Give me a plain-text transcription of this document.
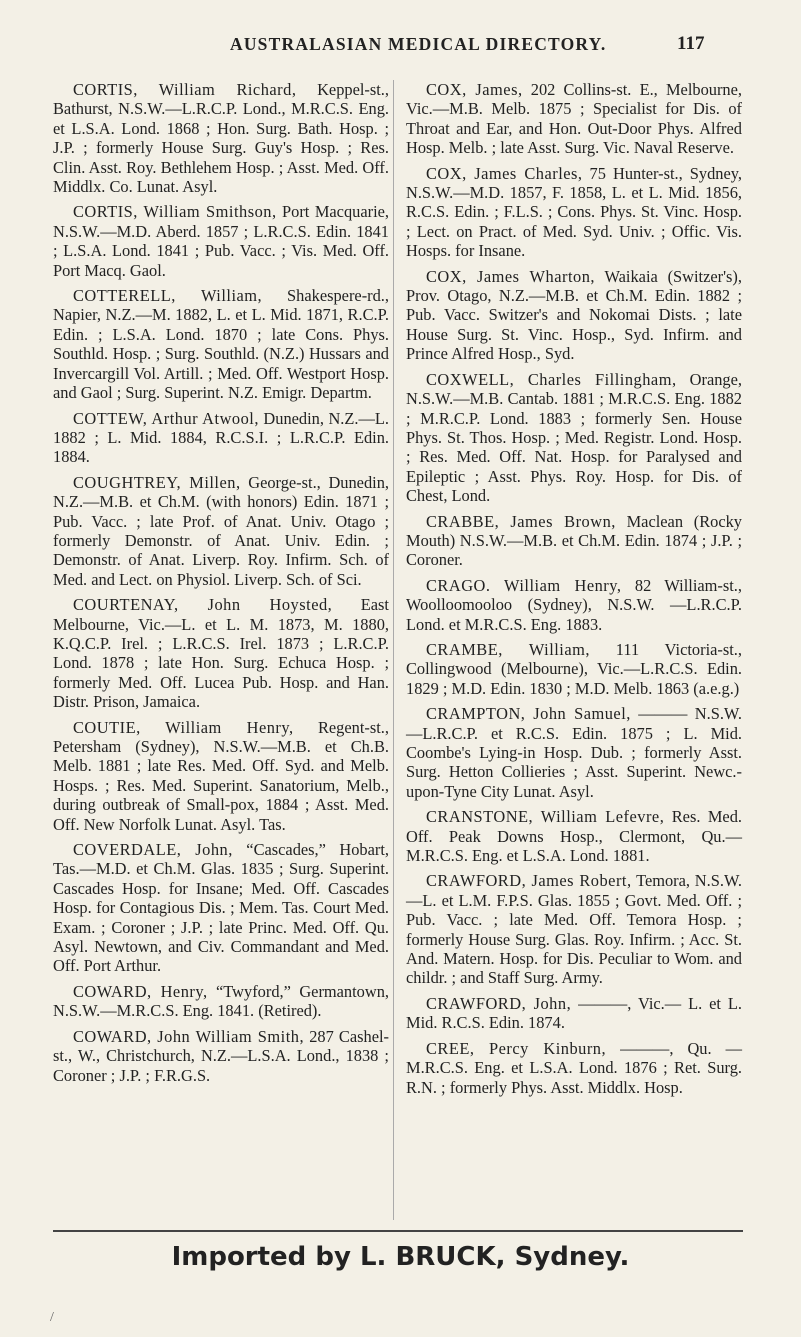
AUSTRALASIAN MEDICAL DIRECTORY.	117

CORTIS, William Richard, Keppel-st., Bathurst, N.S.W.—L.R.C.P. Lond., M.R.C.S. Eng. et L.S.A. Lond. 1868 ; Hon. Surg. Bath. Hosp. ; J.P. ; formerly House Surg. Guy's Hosp. ; Res. Clin. Asst. Roy. Bethlehem Hosp. ; Asst. Med. Off. Middlx. Co. Lunat. Asyl.

CORTIS, William Smithson, Port Macquarie, N.S.W.—M.D. Aberd. 1857 ; L.R.C.S. Edin. 1841 ; L.S.A. Lond. 1841 ; Pub. Vacc. ; Vis. Med. Off. Port Macq. Gaol.

COTTERELL, William, Shakespere-rd., Napier, N.Z.—M. 1882, L. et L. Mid. 1871, R.C.P. Edin. ; L.S.A. Lond. 1870 ; late Cons. Phys. Southld. Hosp. ; Surg. Southld. (N.Z.) Hussars and Invercargill Vol. Artill. ; Med. Off. Westport Hosp. and Gaol ; Surg. Superint. N.Z. Emigr. Departm.

COTTEW, Arthur Atwool, Dunedin, N.Z.—L. 1882 ; L. Mid. 1884, R.C.S.I. ; L.R.C.P. Edin. 1884.

COUGHTREY, Millen, George-st., Dunedin, N.Z.—M.B. et Ch.M. (with honors) Edin. 1871 ; Pub. Vacc. ; late Prof. of Anat. Univ. Otago ; formerly Demonstr. of Anat. Univ. Edin. ; Demonstr. of Anat. Liverp. Roy. Infirm. Sch. of Med. and Lect. on Physiol. Liverp. Sch. of Sci.

COURTENAY, John Hoysted, East Melbourne, Vic.—L. et L. M. 1873, M. 1880, K.Q.C.P. Irel. ; L.R.C.S. Irel. 1873 ; L.R.C.P. Lond. 1878 ; late Hon. Surg. Echuca Hosp. ; formerly Med. Off. Lucea Pub. Hosp. and Han. Distr. Prison, Jamaica.

COUTIE, William Henry, Regent-st., Petersham (Sydney), N.S.W.—M.B. et Ch.B. Melb. 1881 ; late Res. Med. Off. Syd. and Melb. Hosps. ; Res. Med. Superint. Sanatorium, Melb., during outbreak of Small-pox, 1884 ; Asst. Med. Off. New Norfolk Lunat. Asyl. Tas.

COVERDALE, John, “Cascades,” Hobart, Tas.—M.D. et Ch.M. Glas. 1835 ; Surg. Superint. Cascades Hosp. for Insane; Med. Off. Cascades Hosp. for Contagious Dis. ; Mem. Tas. Court Med. Exam. ; Coroner ; J.P. ; late Princ. Med. Off. Qu. Asyl. Newtown, and Civ. Commandant and Med. Off. Port Arthur.

COWARD, Henry, “Twyford,” Germantown, N.S.W.—M.R.C.S. Eng. 1841. (Retired).

COWARD, John William Smith, 287 Cashel-st., W., Christchurch, N.Z.—L.S.A. Lond., 1838 ; Coroner ; J.P. ; F.R.G.S.

COX, James, 202 Collins-st. E., Melbourne, Vic.—M.B. Melb. 1875 ; Specialist for Dis. of Throat and Ear, and Hon. Out-Door Phys. Alfred Hosp. Melb. ; late Asst. Surg. Vic. Naval Reserve.

COX, James Charles, 75 Hunter-st., Sydney, N.S.W.—M.D. 1857, F. 1858, L. et L. Mid. 1856, R.C.S. Edin. ; F.L.S. ; Cons. Phys. St. Vinc. Hosp. ; Lect. on Pract. of Med. Syd. Univ. ; Offic. Vis. Hosps. for Insane.

COX, James Wharton, Waikaia (Switzer's), Prov. Otago, N.Z.—M.B. et Ch.M. Edin. 1882 ; Pub. Vacc. Switzer's and Nokomai Dists. ; late House Surg. St. Vinc. Hosp., Syd. Infirm. and Prince Alfred Hosp., Syd.

COXWELL, Charles Fillingham, Orange, N.S.W.—M.B. Cantab. 1881 ; M.R.C.S. Eng. 1882 ; M.R.C.P. Lond. 1883 ; formerly Sen. House Phys. St. Thos. Hosp. ; Med. Registr. Lond. Hosp. ; Res. Med. Off. Nat. Hosp. for Paralysed and Epileptic ; Asst. Phys. Roy. Hosp. for Dis. of Chest, Lond.

CRABBE, James Brown, Maclean (Rocky Mouth) N.S.W.—M.B. et Ch.M. Edin. 1874 ; J.P. ; Coroner.

CRAGO. William Henry, 82 William-st., Woolloomooloo (Sydney), N.S.W. —L.R.C.P. Lond. et M.R.C.S. Eng. 1883.

CRAMBE, William, 111 Victoria-st., Collingwood (Melbourne), Vic.—L.R.C.S. Edin. 1829 ; M.D. Edin. 1830 ; M.D. Melb. 1863 (a.e.g.)

CRAMPTON, John Samuel, ——— N.S.W.—L.R.C.P. et R.C.S. Edin. 1875 ; L. Mid. Coombe's Lying-in Hosp. Dub. ; formerly Asst. Surg. Hetton Collieries ; Asst. Superint. Newc.-upon-Tyne City Lunat. Asyl.

CRANSTONE, William Lefevre, Res. Med. Off. Peak Downs Hosp., Clermont, Qu.—M.R.C.S. Eng. et L.S.A. Lond. 1881.

CRAWFORD, James Robert, Temora, N.S.W.—L. et L.M. F.P.S. Glas. 1855 ; Govt. Med. Off. ; Pub. Vacc. ; late Med. Off. Temora Hosp. ; formerly House Surg. Glas. Roy. Infirm. ; Acc. St. And. Matern. Hosp. for Dis. Peculiar to Wom. and childr. ; and Staff Surg. Army.

CRAWFORD, John, ———, Vic.— L. et L. Mid. R.C.S. Edin. 1874.

CREE, Percy Kinburn, ———, Qu. —M.R.C.S. Eng. et L.S.A. Lond. 1876 ; Ret. Surg. R.N. ; formerly Phys. Asst. Middlx. Hosp.

Imported by L. BRUCK, Sydney.
/
